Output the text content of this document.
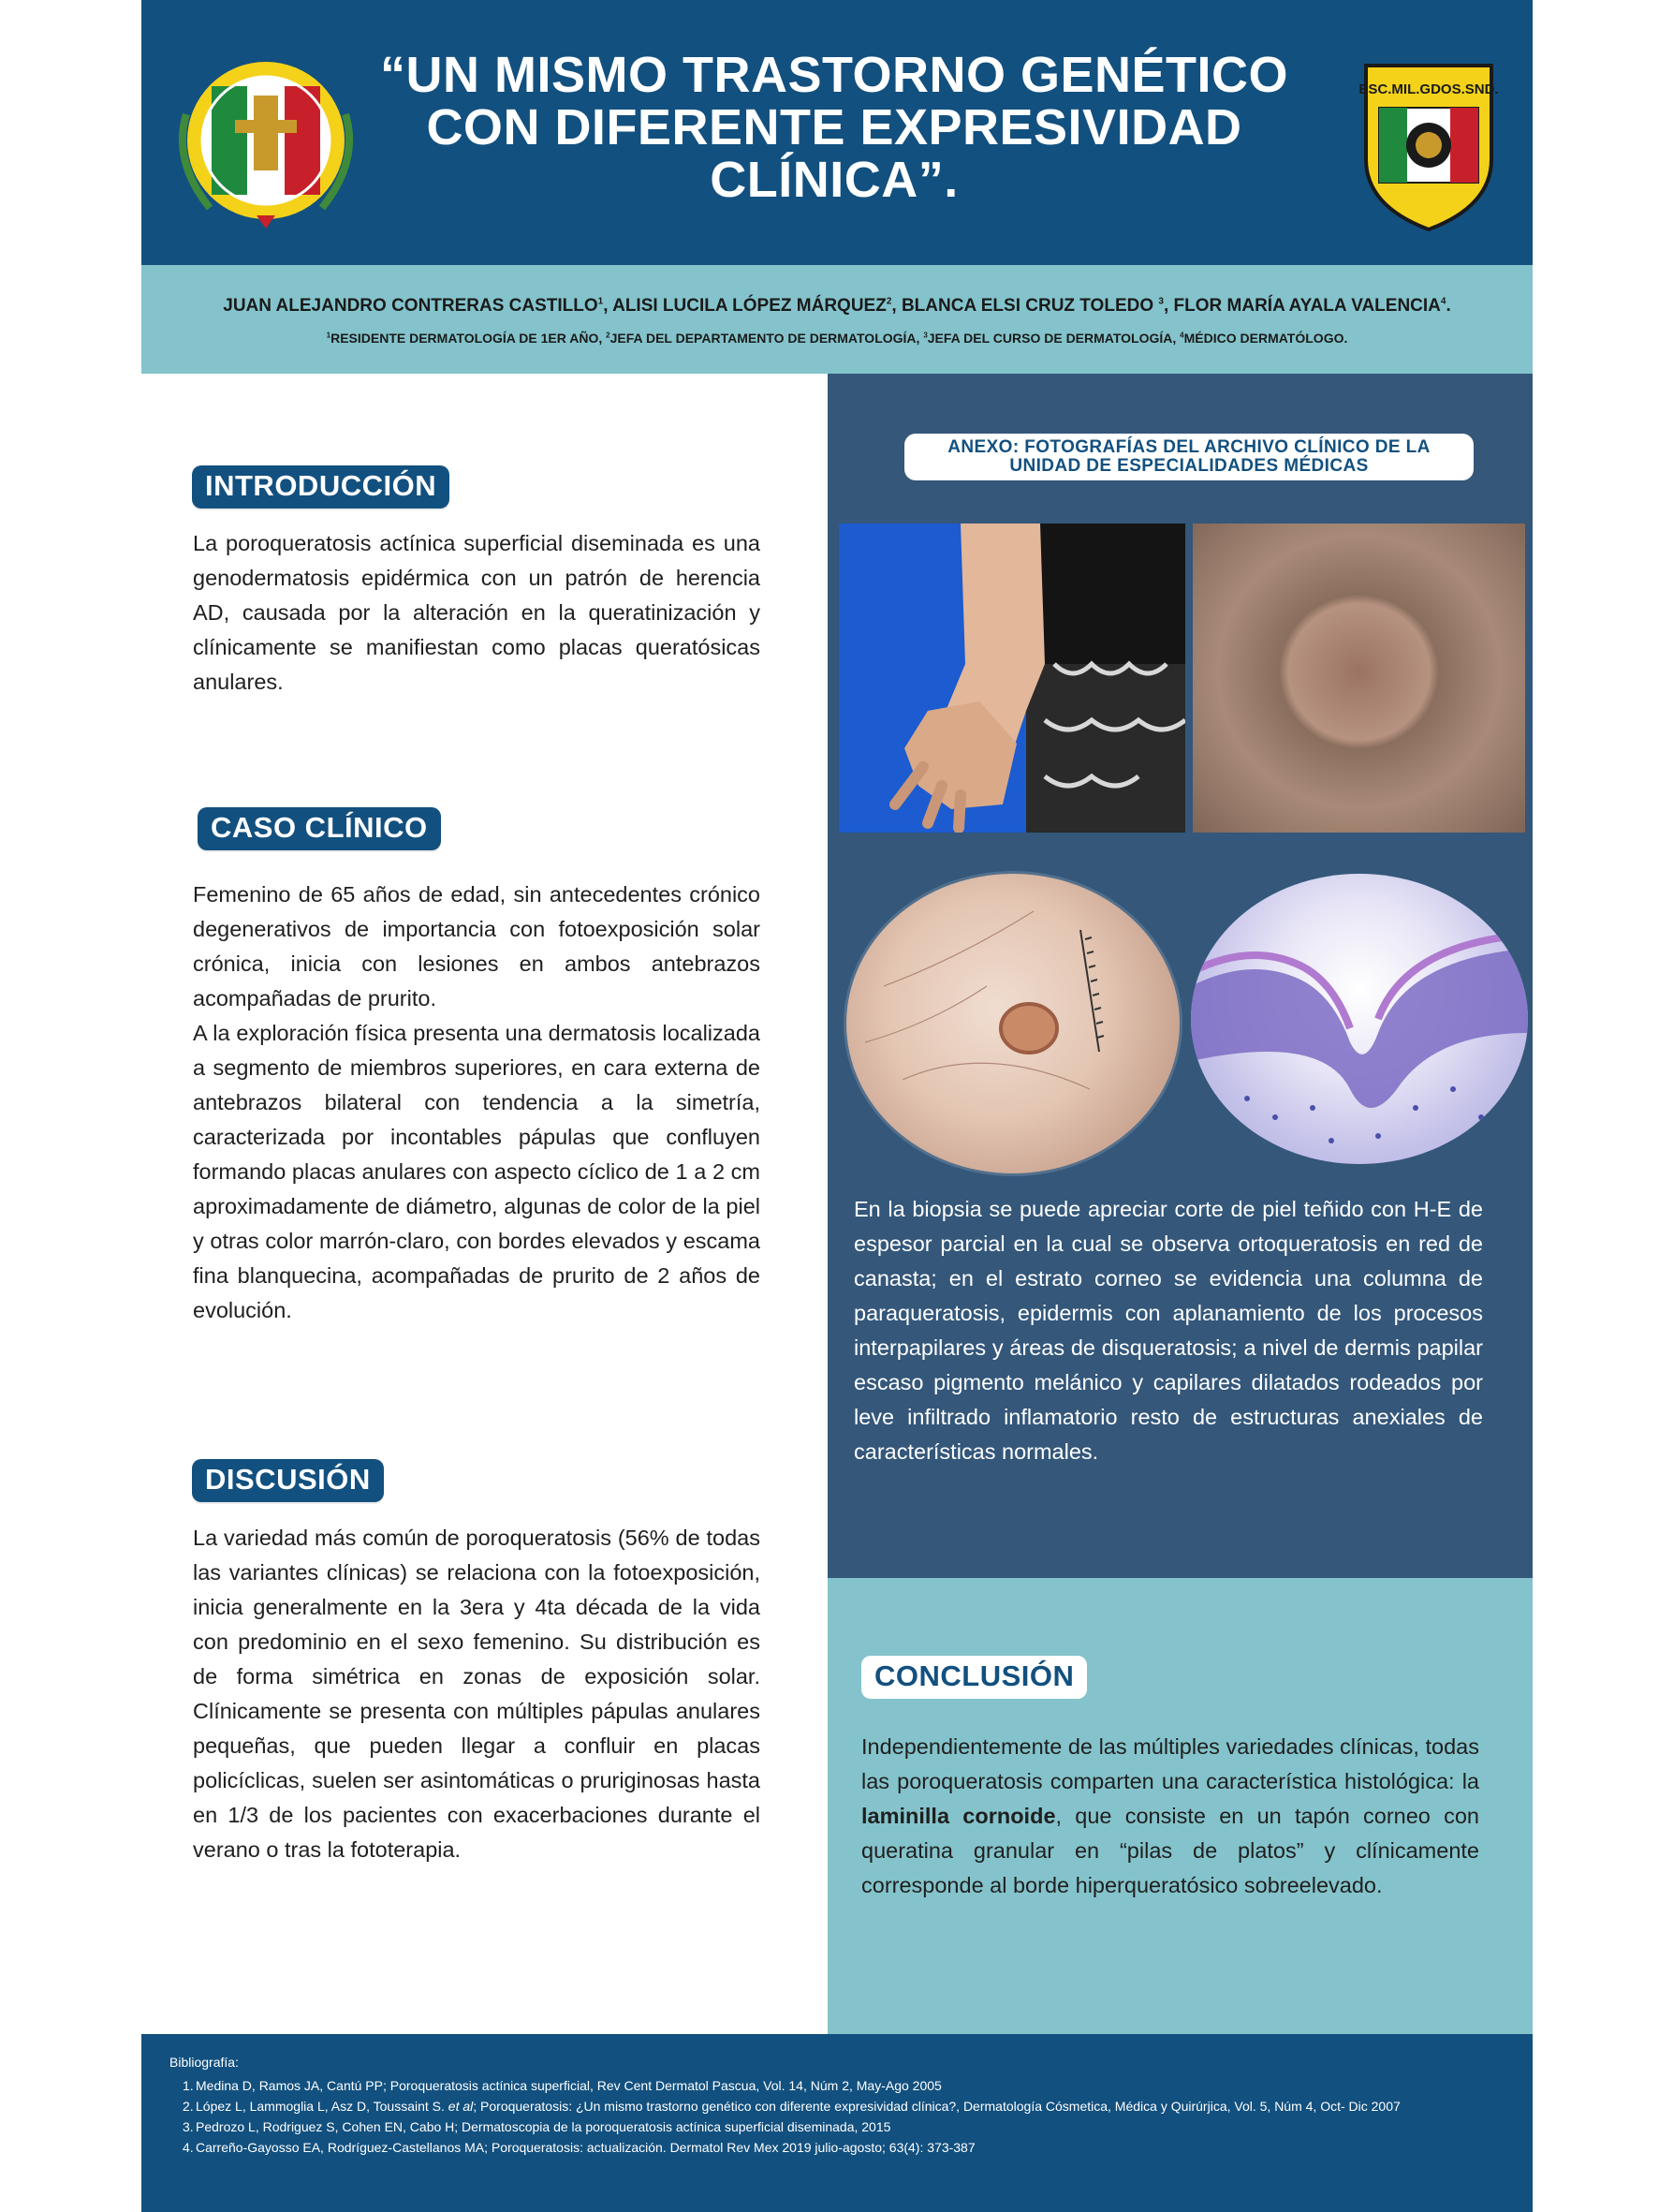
“UN MISMO TRASTORNO GENÉTICO
CON DIFERENTE EXPRESIVIDAD
CLÍNICA”.
ESC.MIL.GDOS.SND.
JUAN ALEJANDRO CONTRERAS CASTILLO$^1$, ALISI LUCILA LÓPEZ MÁRQUEZ$^2$, BLANCA ELSI CRUZ TOLEDO $^3$, FLOR MARÍA AYALA VALENCIA$^4$.
$^1$RESIDENTE DERMATOLOGÍA DE 1ER AÑO, $^2$JEFA DEL DEPARTAMENTO DE DERMATOLOGÍA, $^3$JEFA DEL CURSO DE DERMATOLOGÍA, $^4$MÉDICO DERMATÓLOGO.
INTRODUCCIÓN

La poroqueratosis actínica superficial diseminada es una genodermatosis epidérmica con un patrón de herencia AD, causada por la alteración en la queratinización y clínicamente se manifiestan como placas queratósicas anulares.

CASO CLÍNICO

Femenino de 65 años de edad, sin antecedentes crónico degenerativos de importancia con fotoexposición solar crónica, inicia con lesiones en ambos antebrazos acompañadas de prurito.

A la exploración física presenta una dermatosis localizada a segmento de miembros superiores, en cara externa de antebrazos bilateral con tendencia a la simetría, caracterizada por incontables pápulas que confluyen formando placas anulares con aspecto cíclico de 1 a 2 cm aproximadamente de diámetro, algunas de color de la piel y otras color marrón-claro, con bordes elevados y escama fina blanquecina, acompañadas de prurito de 2 años de evolución.

DISCUSIÓN

La variedad más común de poroqueratosis (56% de todas las variantes clínicas) se relaciona con la fotoexposición, inicia generalmente en la 3era y 4ta década de la vida con predominio en el sexo femenino. Su distribución es de forma simétrica en zonas de exposición solar. Clínicamente se presenta con múltiples pápulas anulares pequeñas, que pueden llegar a confluir en placas policíclicas, suelen ser asintomáticas o pruriginosas hasta en 1/3 de los pacientes con exacerbaciones durante el verano o tras la fototerapia.

ANEXO: FOTOGRAFÍAS DEL ARCHIVO CLÍNICO DE LA
UNIDAD DE ESPECIALIDADES MÉDICAS

En la biopsia se puede apreciar corte de piel teñido con H-E de espesor parcial en la cual se observa ortoqueratosis en red de canasta; en el estrato corneo se evidencia una columna de paraqueratosis, epidermis con aplanamiento de los procesos interpapilares y áreas de disqueratosis; a nivel de dermis papilar escaso pigmento melánico y capilares dilatados rodeados por leve infiltrado inflamatorio resto de estructuras anexiales de características normales.

CONCLUSIÓN

Independientemente de las múltiples variedades clínicas, todas las poroqueratosis comparten una característica histológica: la laminilla cornoide, que consiste en un tapón corneo con queratina granular en “pilas de platos” y clínicamente corresponde al borde hiperqueratósico sobreelevado.

Bibliografía:
1. Medina D, Ramos JA, Cantú PP; Poroqueratosis actínica superficial, Rev Cent Dermatol Pascua, Vol. 14, Núm 2, May-Ago 2005
2. López L, Lammoglia L, Asz D, Toussaint S. et al; Poroqueratosis: ¿Un mismo trastorno genético con diferente expresividad clínica?, Dermatología Cósmetica, Médica y Quirúrjica, Vol. 5, Núm 4, Oct- Dic 2007
3. Pedrozo L, Rodriguez S, Cohen EN, Cabo H; Dermatoscopia de la poroqueratosis actínica superficial diseminada, 2015
4. Carreño-Gayosso EA, Rodríguez-Castellanos MA; Poroqueratosis: actualización. Dermatol Rev Mex 2019 julio-agosto; 63(4): 373-387
